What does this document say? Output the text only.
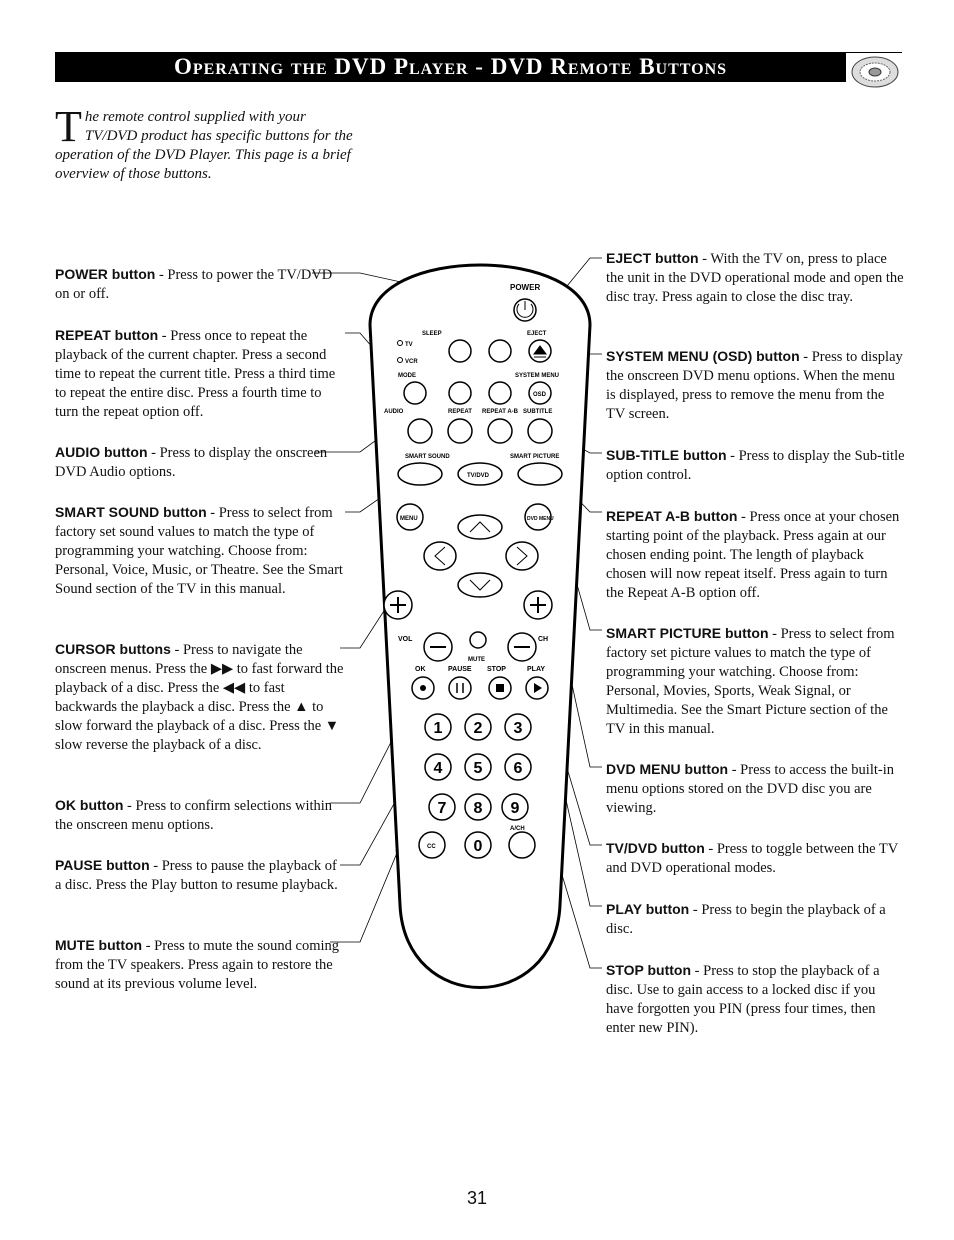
Operating the DVD Player - DVD Remote Buttons
The remote control supplied with your TV/DVD product has specific buttons for the operation of the DVD Player. This page is a brief overview of those buttons.
POWER button - Press to power the TV/DVD on or off.
REPEAT button - Press once to repeat the playback of the current chapter. Press a second time to repeat the current title. Press a third time to repeat the entire disc. Press a fourth time to turn the repeat option off.
AUDIO button - Press to display the onscreen DVD Audio options.
SMART SOUND button - Press to select from factory set sound values to match the type of programming your watching. Choose from: Personal, Voice, Music, or Theatre. See the Smart Sound section of the TV in this manual.
CURSOR buttons - Press to navigate the onscreen menus. Press the ▶▶ to fast forward the playback of a disc. Press the ◀◀ to fast backwards the playback a disc. Press the ▲ to slow forward the playback of a disc. Press the ▼ slow reverse the playback of a disc.
OK button - Press to confirm selections within the onscreen menu options.
PAUSE button - Press to pause the playback of a disc. Press the Play button to resume playback.
MUTE button - Press to mute the sound coming from the TV speakers. Press again to restore the sound at its previous volume level.
EJECT button - With the TV on, press to place the unit in the DVD operational mode and open the disc tray. Press again to close the disc tray.
SYSTEM MENU (OSD) button - Press to display the onscreen DVD menu options. When the menu is displayed, press to remove the menu from the TV screen.
SUB-TITLE button - Press to display the Sub-title option control.
REPEAT A-B button - Press once at your chosen starting point of the playback. Press again at our chosen ending point. The length of playback chosen will now repeat itself. Press again to turn the Repeat A-B option off.
SMART PICTURE button - Press to select from factory set picture values to match the type of programming your watching. Choose from: Personal, Movies, Sports, Weak Signal, or Multimedia. See the Smart Picture section of the TV in this manual.
DVD MENU button - Press to access the built-in menu options stored on the DVD disc you are viewing.
TV/DVD button - Press to toggle between the TV and DVD operational modes.
PLAY button - Press to begin the playback of a disc.
STOP button - Press to stop the playback of a disc. Use to gain access to a locked disc if you have forgotten you PIN (press four times, then enter new PIN).
POWER
SLEEP	EJECT
TV
VCR
MODE	SYSTEM MENU
OSD
AUDIO	REPEAT REPEAT A-B SUBTITLE
SMART SOUND	SMART PICTURE
TV/DVD
MENU	DVD MENU
VOL	CH
MUTE
OK	PAUSE STOP	PLAY
1 2 3
4 5 6
7 8 9
0
A/CH
CC
31
